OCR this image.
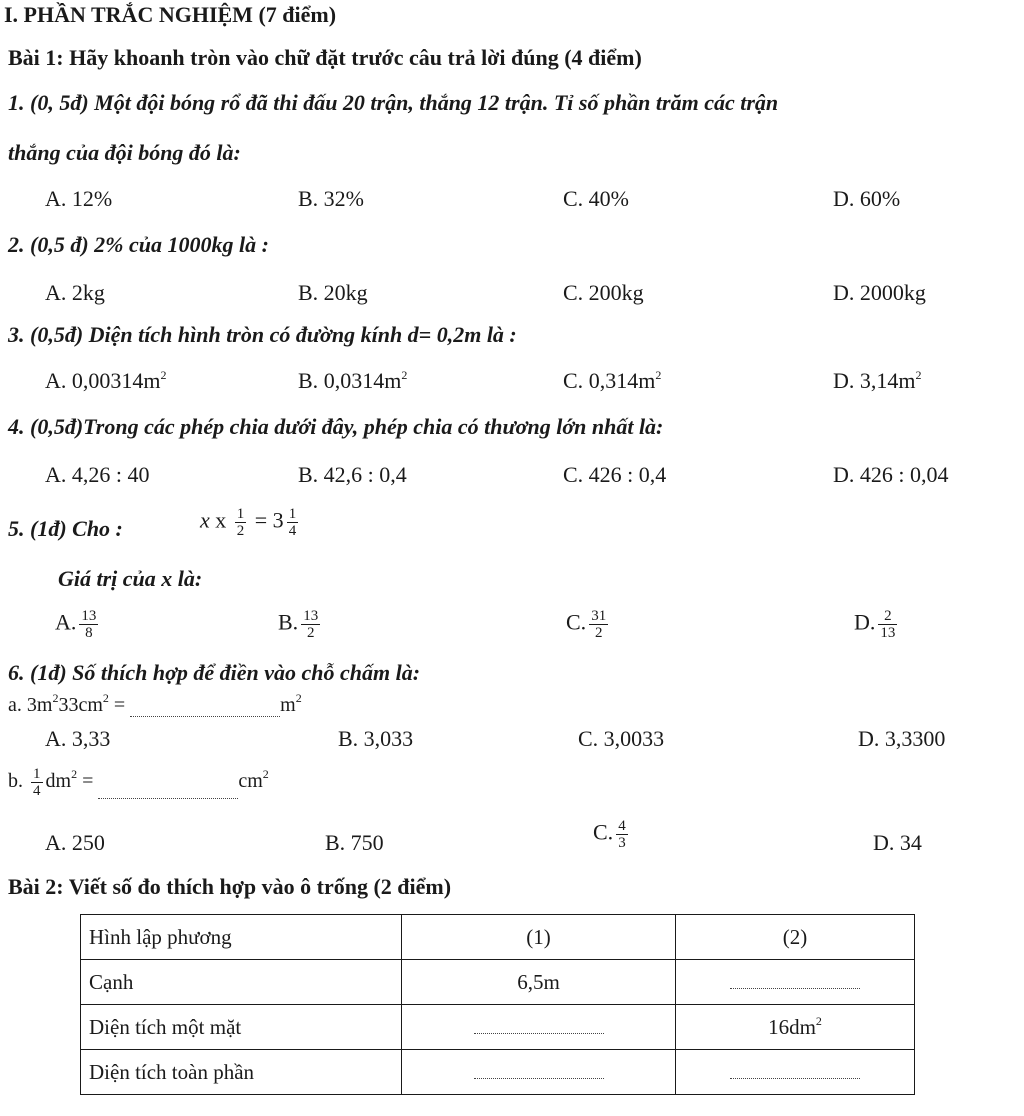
I. PHẦN TRẮC NGHIỆM (7 điểm)
Bài 1: Hãy khoanh tròn vào chữ đặt trước câu trả lời đúng (4 điểm)
1. (0, 5đ) Một đội bóng rổ đã thi đấu 20 trận, thắng 12 trận. Tỉ số phần trăm các trận
thắng của đội bóng đó là:
A. 12%	B. 32%	C. 40%	D. 60%
2. (0,5 đ) 2% của 1000kg là :
A. 2kg	B. 20kg	C. 200kg	D. 2000kg
3. (0,5đ) Diện tích hình tròn có đường kính d= 0,2m là :
A. $0,00314m^2$	B. $0,0314m^2$	C. $0,314m^2$	D. $3,14m^2$
4. (0,5đ)Trong các phép chia dưới đây, phép chia có thương lớn nhất là:
A. 4,26 : 40	B. 42,6 : 0,4	C. 426 : 0,4	D. 426 : 0,04
5. (1đ) Cho :	x x $\frac{1}{2} = 3 \frac{1}{4}$
Giá trị của x là:
A. $\frac{13}{8}$	B. $\frac{13}{2}$	C. $\frac{31}{2}$	D. $\frac{2}{13}$
6. (1đ) Số thích hợp để điền vào chỗ chấm là:
a. $3m^233cm^2$ =	$m^2$
A. 3,33	B. 3,033	C. 3,0033	D. 3,3300
b. $\frac{1}{4} dm^2$ =	$cm^2$
A. 250	B. 750	C. $\frac{4}{3}$	D. 34
Bài 2: Viết số đo thích hợp vào ô trống (2 điểm)
Hình lập phương	(1)	(2)
Cạnh	6,5m	
Diện tích một mặt		$16dm^2$
Diện tích toàn phần		
